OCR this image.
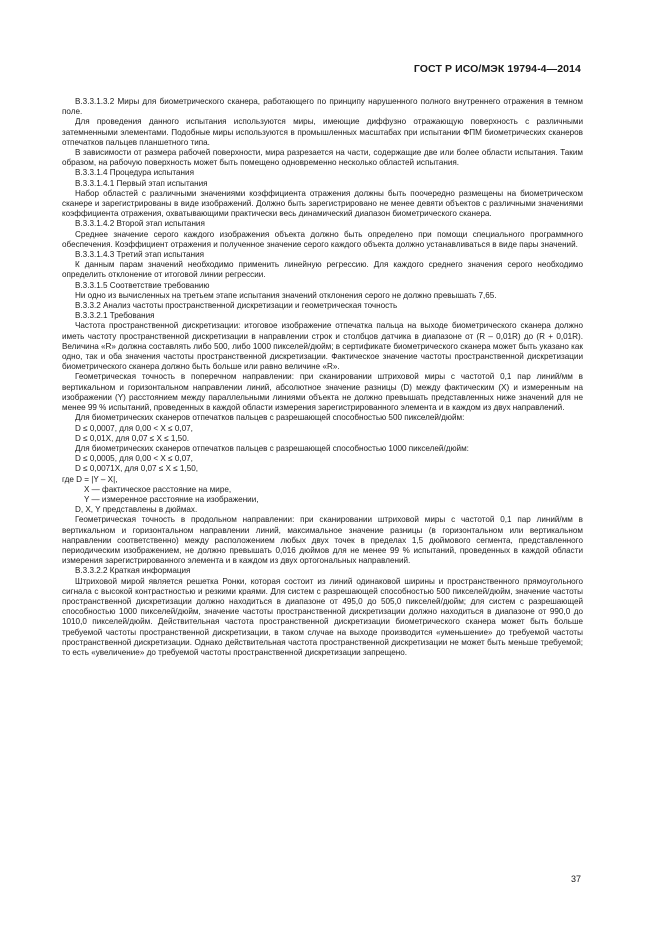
ГОСТ Р ИСО/МЭК 19794-4—2014

В.3.3.1.3.2 Миры для биометрического сканера, работающего по принципу нарушенного полного внутреннего отражения в темном поле.

Для проведения данного испытания используются миры, имеющие диффузно отражающую поверхность с различными затемненными элементами. Подобные миры используются в промышленных масштабах при испытании ФПМ биометрических сканеров отпечатков пальцев планшетного типа.

В зависимости от размера рабочей поверхности, мира разрезается на части, содержащие две или более области испытания. Таким образом, на рабочую поверхность может быть помещено одновременно несколько областей испытания.

В.3.3.1.4 Процедура испытания

В.3.3.1.4.1 Первый этап испытания

Набор областей с различными значениями коэффициента отражения должны быть поочередно размещены на биометрическом сканере и зарегистрированы в виде изображений. Должно быть зарегистрировано не менее девяти объектов с различными значениями коэффициента отражения, охватывающими практически весь динамический диапазон биометрического сканера.

В.3.3.1.4.2 Второй этап испытания

Среднее значение серого каждого изображения объекта должно быть определено при помощи специального программного обеспечения. Коэффициент отражения и полученное значение серого каждого объекта должно устанавливаться в виде пары значений.

В.3.3.1.4.3 Третий этап испытания

К данным парам значений необходимо применить линейную регрессию. Для каждого среднего значения серого необходимо определить отклонение от итоговой линии регрессии.

В.3.3.1.5 Соответствие требованию

Ни одно из вычисленных на третьем этапе испытания значений отклонения серого не должно превышать 7,65.

В.3.3.2 Анализ частоты пространственной дискретизации и геометрическая точность

В.3.3.2.1 Требования

Частота пространственной дискретизации: итоговое изображение отпечатка пальца на выходе биометрического сканера должно иметь частоту пространственной дискретизации в направлении строк и столбцов датчика в диапазоне от (R – 0,01R) до (R + 0,01R). Величина «R» должна составлять либо 500, либо 1000 пикселей/дюйм; в сертификате биометрического сканера может быть указано как одно, так и оба значения частоты пространственной дискретизации. Фактическое значение частоты пространственной дискретизации биометрического сканера должно быть больше или равно величине «R».

Геометрическая точность в поперечном направлении: при сканировании штриховой миры с частотой 0,1 пар линий/мм в вертикальном и горизонтальном направлении линий, абсолютное значение разницы (D) между фактическим (X) и измеренным на изображении (Y) расстоянием между параллельными линиями объекта не должно превышать представленных ниже значений для не менее 99 % испытаний, проведенных в каждой области измерения зарегистрированного элемента и в каждом из двух направлений.

Для биометрических сканеров отпечатков пальцев с разрешающей способностью 500 пикселей/дюйм:

D ≤ 0,0007, для 0,00 < X ≤ 0,07,

D ≤ 0,01X, для 0,07 ≤ X ≤ 1,50.

Для биометрических сканеров отпечатков пальцев с разрешающей способностью 1000 пикселей/дюйм:

D ≤ 0,0005, для 0,00 < X ≤ 0,07,

D ≤ 0,0071X, для 0,07 ≤ X ≤ 1,50,

где D = |Y – X|,

X — фактическое расстояние на мире,

Y — измеренное расстояние на изображении,

D, X, Y представлены в дюймах.

Геометрическая точность в продольном направлении: при сканировании штриховой миры с частотой 0,1 пар линий/мм в вертикальном и горизонтальном направлении линий, максимальное значение разницы (в горизонтальном или вертикальном направлении соответственно) между расположением любых двух точек в пределах 1,5 дюймового сегмента, представленного периодическим изображением, не должно превышать 0,016 дюймов для не менее 99 % испытаний, проведенных в каждой области измерения зарегистрированного элемента и в каждом из двух ортогональных направлений.

В.3.3.2.2 Краткая информация

Штриховой мирой является решетка Ронки, которая состоит из линий одинаковой ширины и пространственного прямоугольного сигнала с высокой контрастностью и резкими краями. Для систем с разрешающей способностью 500 пикселей/дюйм, значение частоты пространственной дискретизации должно находиться в диапазоне от 495,0 до 505,0 пикселей/дюйм; для систем с разрешающей способностью 1000 пикселей/дюйм, значение частоты пространственной дискретизации должно находиться в диапазоне от 990,0 до 1010,0 пикселей/дюйм. Действительная частота пространственной дискретизации биометрического сканера может быть больше требуемой частоты пространственной дискретизации, в таком случае на выходе производится «уменьшение» до требуемой частоты пространственной дискретизации. Однако действительная частота пространственной дискретизации не может быть меньше требуемой; то есть «увеличение» до требуемой частоты пространственной дискретизации запрещено.

37
